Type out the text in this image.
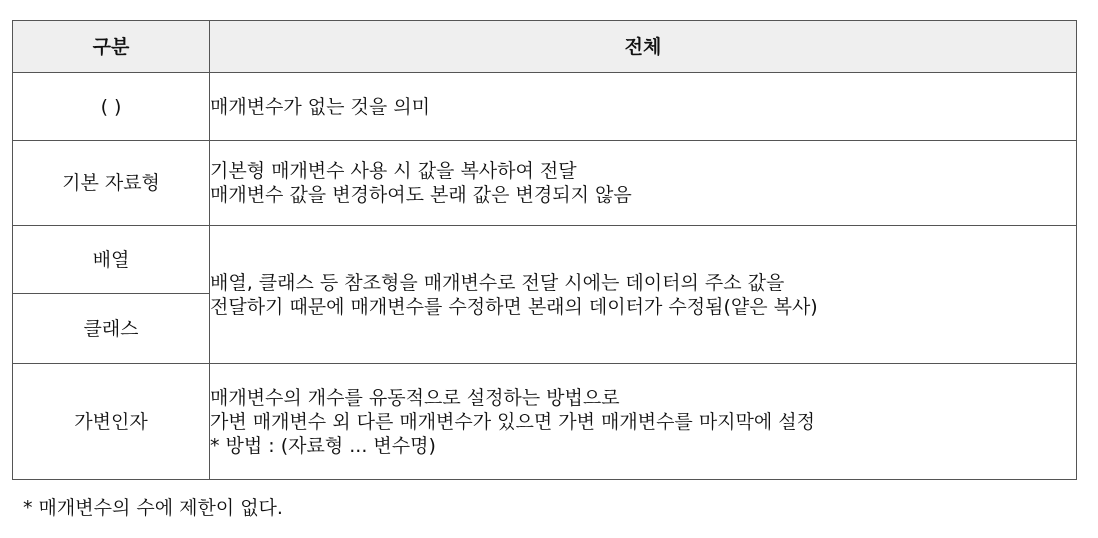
구분	전체
( )	매개변수가 없는 것을 의미

기본 자료형	기본형 매개변수 사용 시 값을 복사하여 전달
매개변수 값을 변경하여도 본래 값은 변경되지 않음

배열	배열, 클래스 등 참조형을 매개변수로 전달 시에는 데이터의 주소 값을
전달하기 때문에 매개변수를 수정하면 본래의 데이터가 수정됨(얕은 복사)

클래스	
가변인자	매개변수의 개수를 유동적으로 설정하는 방법으로
가변 매개변수 외 다른 매개변수가 있으면 가변 매개변수를 마지막에 설정
* 방법 : (자료형 ... 변수명)
* 매개변수의 수에 제한이 없다.
